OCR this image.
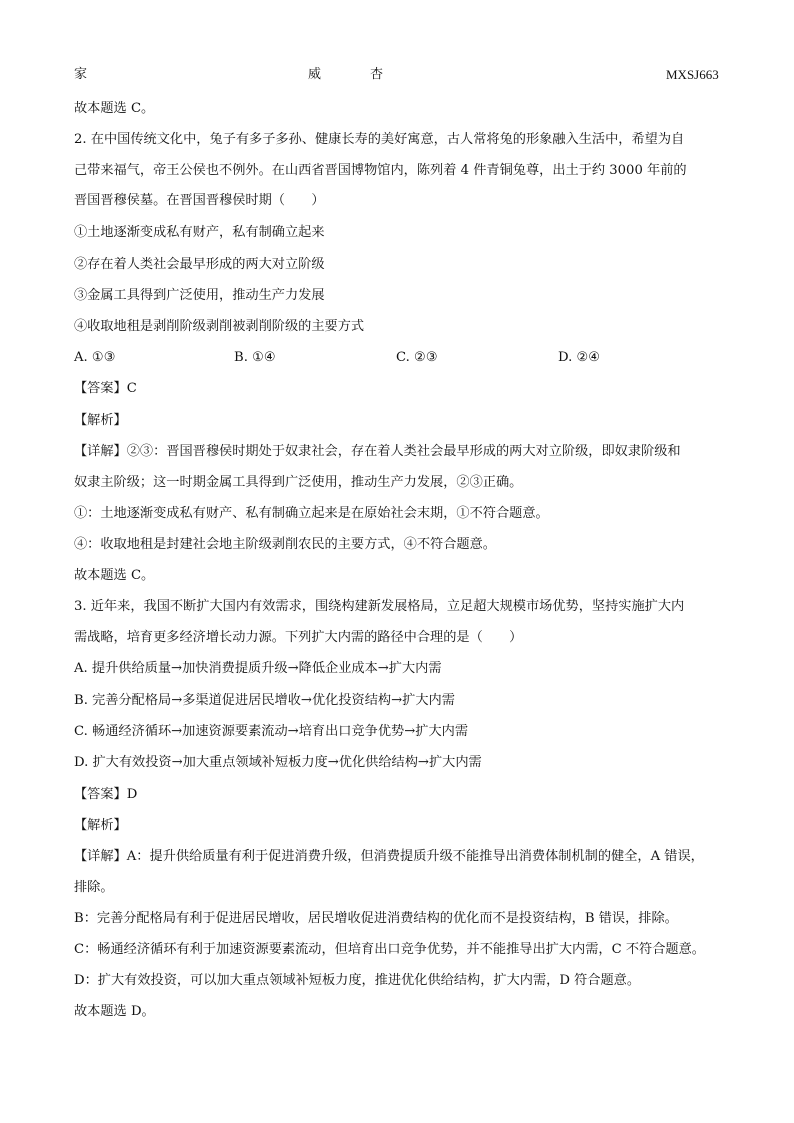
家	威	杏	MXSJ663
故本题选 C。
2. 在中国传统文化中，兔子有多子多孙、健康长寿的美好寓意，古人常将兔的形象融入生活中，希望为自
己带来福气，帝王公侯也不例外。在山西省晋国博物馆内，陈列着 4 件青铜兔尊，出土于约 3000 年前的
晋国晋穆侯墓。在晋国晋穆侯时期（　　）
①土地逐渐变成私有财产，私有制确立起来
②存在着人类社会最早形成的两大对立阶级
③金属工具得到广泛使用，推动生产力发展
④收取地租是剥削阶级剥削被剥削阶级的主要方式
A. ①③	B. ①④	C. ②③	D. ②④
【答案】C
【解析】
【详解】②③：晋国晋穆侯时期处于奴隶社会，存在着人类社会最早形成的两大对立阶级，即奴隶阶级和
奴隶主阶级；这一时期金属工具得到广泛使用，推动生产力发展，②③正确。
①：土地逐渐变成私有财产、私有制确立起来是在原始社会末期，①不符合题意。
④：收取地租是封建社会地主阶级剥削农民的主要方式，④不符合题意。
故本题选 C。
3. 近年来，我国不断扩大国内有效需求，围绕构建新发展格局，立足超大规模市场优势，坚持实施扩大内
需战略，培育更多经济增长动力源。下列扩大内需的路径中合理的是（　　）
A. 提升供给质量→加快消费提质升级→降低企业成本→扩大内需
B. 完善分配格局→多渠道促进居民增收→优化投资结构→扩大内需
C. 畅通经济循环→加速资源要素流动→培育出口竞争优势→扩大内需
D. 扩大有效投资→加大重点领域补短板力度→优化供给结构→扩大内需
【答案】D
【解析】
【详解】A：提升供给质量有利于促进消费升级，但消费提质升级不能推导出消费体制机制的健全，A 错误，
排除。
B：完善分配格局有利于促进居民增收，居民增收促进消费结构的优化而不是投资结构，B 错误，排除。
C：畅通经济循环有利于加速资源要素流动，但培育出口竞争优势，并不能推导出扩大内需，C 不符合题意。
D：扩大有效投资，可以加大重点领域补短板力度，推进优化供给结构，扩大内需，D 符合题意。
故本题选 D。
